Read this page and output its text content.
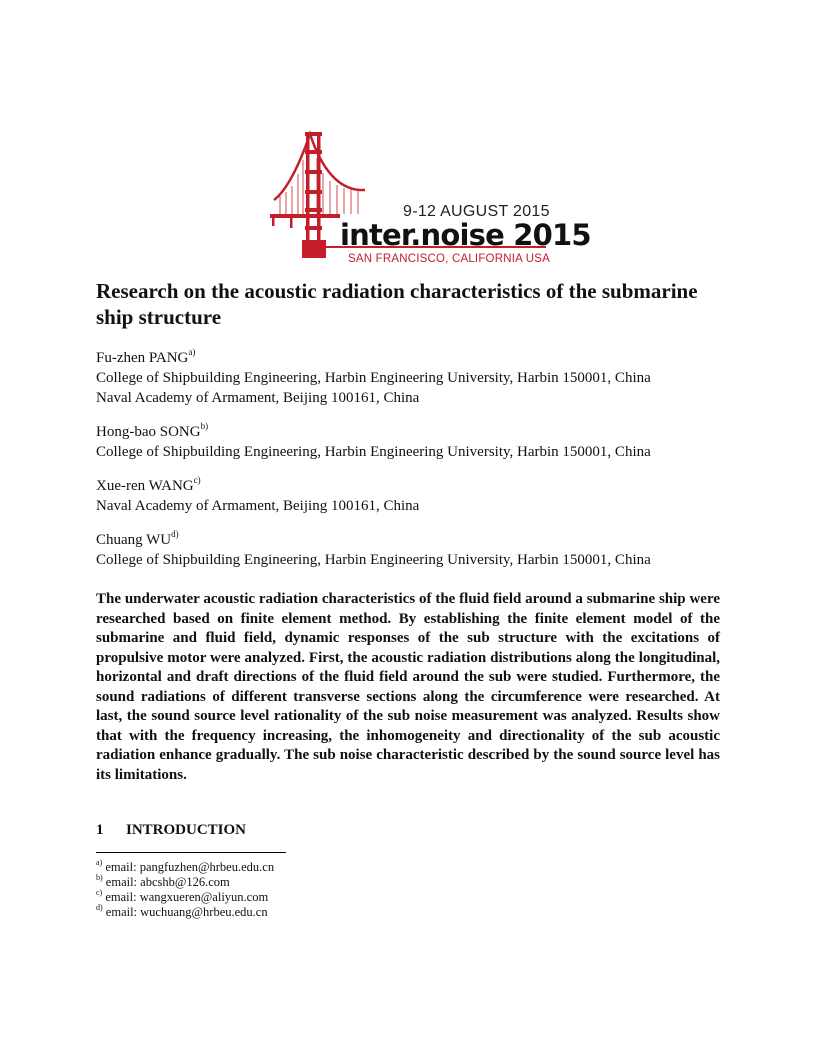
9-12 AUGUST 2015
inter.noise 2015
SAN FRANCISCO, CALIFORNIA USA
Research on the acoustic radiation characteristics of the submarine ship structure

Fu-zhen PANG$^{a)}$

College of Shipbuilding Engineering, Harbin Engineering University, Harbin 150001, China

Naval Academy of Armament, Beijing 100161, China

Hong-bao SONG$^{b)}$

College of Shipbuilding Engineering, Harbin Engineering University, Harbin 150001, China

Xue-ren WANG$^{c)}$

Naval Academy of Armament, Beijing 100161, China

Chuang WU$^{d)}$

College of Shipbuilding Engineering, Harbin Engineering University, Harbin 150001, China

The underwater acoustic radiation characteristics of the fluid field around a submarine ship were researched based on finite element method. By establishing the finite element model of the submarine and fluid field, dynamic responses of the sub structure with the excitations of propulsive motor were analyzed. First, the acoustic radiation distributions along the longitudinal, horizontal and draft directions of the fluid field around the sub were studied. Furthermore, the sound radiations of different transverse sections along the circumference were researched. At last, the sound source level rationality of the sub noise measurement was analyzed. Results show that with the frequency increasing, the inhomogeneity and directionality of the sub acoustic radiation enhance gradually. The sub noise characteristic described by the sound source level has its limitations.

1 INTRODUCTION

$^{a)}$ email: pangfuzhen@hrbeu.edu.cn

$^{b)}$ email: abcshb@126.com

$^{c)}$ email: wangxueren@aliyun.com

$^{d)}$ email: wuchuang@hrbeu.edu.cn
